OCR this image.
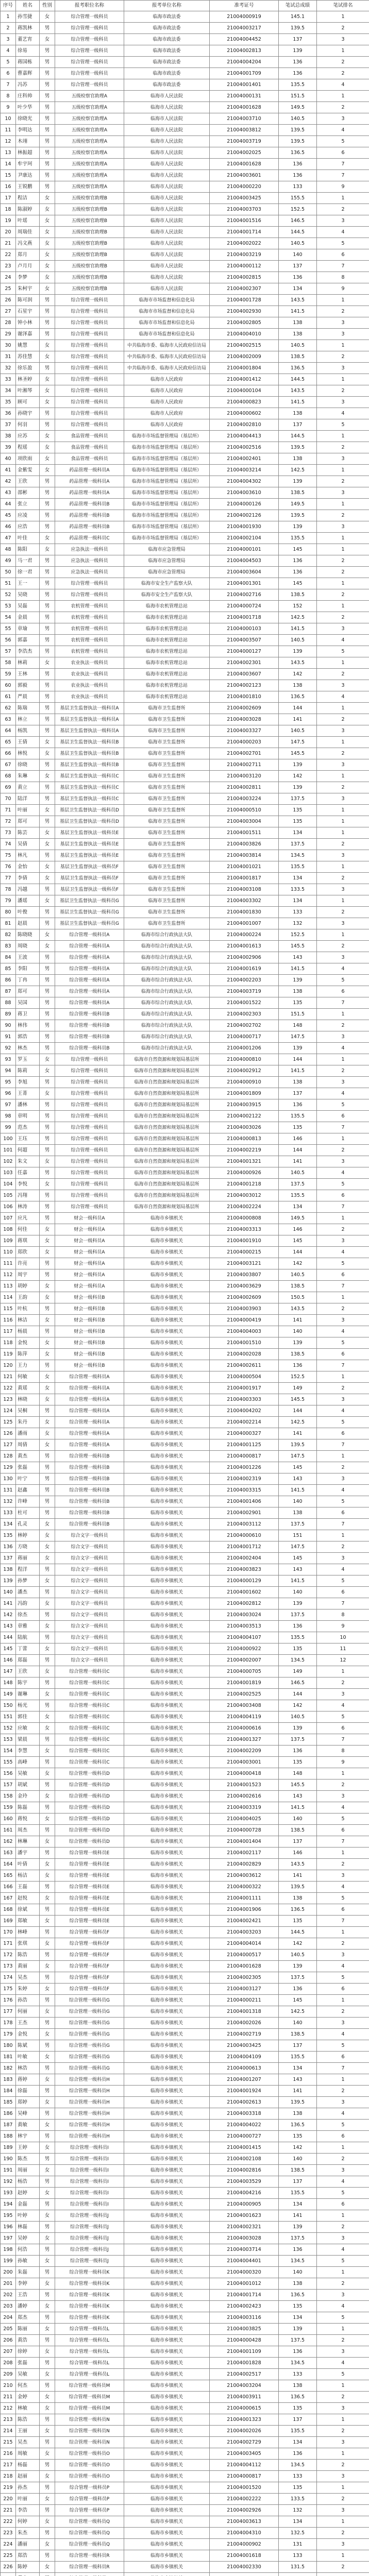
序号	姓名	性别	报考职位名称	报考单位名称	准考证号	笔试总成绩	笔试排名
1	孙雪捷	女	综合管理一级科员	临海市政法委	21004000919	145.1	1
2	蒋凯林	男	综合管理一级科员	临海市政法委	21004003217	139.5	2
3	董艺宵	女	综合管理一级科员	临海市政法委	21004004452	137	3
4	徐易	男	综合管理一级科员	临海市政法委	21004002813	139	1
5	蒋国栋	男	综合管理一级科员	临海市政法委	21004004204	136	2
6	曹嘉辉	男	综合管理一级科员	临海市政法委	21004001709	136	2
7	冯苏	男	综合管理一级科员	临海市政法委	21004001401	135.5	4
8	庄科帅	男	五级检察官助理A	临海市人民法院	21004000131	151.5	1
9	叶少华	男	五级检察官助理A	临海市人民法院	21004001628	149.5	2
10	徐晓光	男	五级检察官助理A	临海市人民法院	21004003710	140.5	3
11	李明达	男	五级检察官助理A	临海市人民法院	21004003812	139.5	4
12	木翊	男	五级检察官助理A	临海市人民法院	21004003719	139.5	5
13	林振超	男	五级检察官助理A	临海市人民法院	21004002025	136.5	6
14	牟宇珂	男	五级检察官助理A	临海市人民法院	21004001628	136	7
15	尹康达	男	五级检察官助理A	临海市人民法院	21004003601	136	7
16	王锐鹏	男	五级检察官助理A	临海市人民法院	21004000220	133	9
17	程洁	女	五级检察官助理B	临海市人民法院	21004003425	155.5	1
18	陈淑婷	女	五级检察官助理B	临海市人民法院	21004003703	152.5	2
19	叶瑶	女	五级检察官助理B	临海市人民法院	21004001516	146.5	3
20	周瑞佳	女	五级检察官助理B	临海市人民法院	21004001714	144.5	4
21	冯文燕	女	五级检察官助理B	临海市人民法院	21004002022	140.5	5
22	郑月	女	五级检察官助理B	临海市人民法院	21004003219	140	6
23	卢月月	女	五级检察官助理B	临海市人民法院	21004000112	137	7
24	李梦	女	五级检察官助理B	临海市人民法院	21004002815	136	8
25	朱柯宇	女	五级检察官助理B	临海市人民法院	21004002307	134	9
26	陈可润	男	综合管理一级科员	临海市市场监督和信息化局	21004001728	143.5	1
27	石星宇	男	综合管理一级科员	临海市市场监督和信息化局	21004002930	141.5	2
28	钟小林	男	综合管理一级科员	临海市市场监督和信息化局	21004002805	138	3
29	谢泽嘉	男	综合管理一级科员	临海市市场监督和信息化局	21004004010	138	3
30	姚慧	女	综合管理一级科员	中共临海市委、临海市人民政府信访局	21004002515	140.5	1
31	苏佳慧	女	综合管理一级科员	中共临海市委、临海市人民政府信访局	21004002009	138.5	2
32	徐乐盈	男	综合管理一级科员	中共临海市委、临海市人民政府信访局	21004001804	136.5	3
33	林圣婷	女	综合管理一级科员	临海市人民政府	21004001412	144.5	1
34	叶湘琴	女	综合管理一级科员	临海市人民政府	21004000104	143.5	2
35	顾可	女	综合管理一级科员	临海市人民政府	21004000823	141.5	3
36	孙晓宇	男	综合管理一级科员	临海市人民政府	21004000602	138	4
37	何羽	男	综合管理一级科员	临海市人民政府	21004002810	137	5
38	应苏	女	食品管理一级科员	临海市市场监督管理局（基层所）	21004004413	144.5	1
39	程瑶	女	食品管理一级科员	临海市市场监督管理局（基层所）	21004002516	139.5	2
40	项欣雨	女	食品管理一级科员	临海市市场监督管理局（基层所）	21004002401	138	3
41	金紫雯	女	药品管理一级科员A	临海市市场监督管理局（基层所）	21004003214	142.5	1
42	王欣	男	药品管理一级科员A	临海市市场监督管理局（基层所）	21004004302	139	2
43	邵彬	男	药品管理一级科员A	临海市市场监督管理局（基层所）	21004003610	138.5	3
44	张立	男	药品管理一级科员B	临海市市场监督管理局（基层所）	21004000126	149.5	1
45	应凌	男	药品管理一级科员B	临海市市场监督管理局（基层所）	21004002126	139.5	2
46	应浩	男	药品管理一级科员B	临海市市场监督管理局（基层所）	21004001930	139	3
47	叶佳	女	药品管理一级科员C	临海市市场监督管理局（基层所）	21004002104	135.5	1
48	陈阳	女	应急执法一级科员	临海市应急管理局	21004000101	145	1
49	马一君	男	应急执法一级科员	临海市应急管理局	21004004503	136	2
50	徐一君	男	应急执法一级科员	临海市应急管理局	21004003604	136	2
51	王一	男	综合管理一级科员	临海市安全生产监察大队	21004001301	145	1
52	吴晓	男	综合管理一级科员	临海市安全生产监察大队	21004002716	138.5	2
53	吴磊	男	农机管理一级科员	临海市农机管理总站	21004000724	152	1
54	金晨	男	农机管理一级科员	临海市农机管理总站	21004001718	142.5	2
55	章瑜	男	农机管理一级科员	临海市农机管理总站	21004000103	141.5	3
56	郭嘉	男	农机管理一级科员	临海市农机管理总站	21004003507	140.5	4
57	李浩杰	男	农机管理一级科员	临海市农机管理总站	21004000127	139	5
58	林莉	女	农业执法一级科员	临海市农机管理总站	21004002301	143.5	1
59	王林	男	农业执法一级科员	临海市农机管理总站	21004003607	142	2
60	郭毅	男	农业执法一级科员	临海市农机管理总站	21004002123	138	3
61	严晨	男	农业执法一级科员	临海市农机管理总站	21004001810	136.5	4
62	陈瑞	男	基层卫生监督执法一级科员A	临海市卫生监督所	21004002609	144	1
63	林立	男	基层卫生监督执法一级科员A	临海市卫生监督所	21004003028	141	2
64	杨凯	男	基层卫生监督执法一级科员A	临海市卫生监督所	21004003327	140.5	3
65	王倩	女	基层卫生监督执法一级科员B	临海市卫生监督所	21004000203	147.5	1
66	林悦	女	基层卫生监督执法一级科员B	临海市卫生监督所	21004002701	145.5	2
67	徐晓	男	基层卫生监督执法一级科员B	临海市卫生监督所	21004002711	139	3
68	朱琳	女	基层卫生监督执法一级科员C	临海市卫生监督所	21004003120	142	1
69	黄立	男	基层卫生监督执法一级科员C	临海市卫生监督所	21004002811	139	2
70	陆洋	男	基层卫生监督执法一级科员C	临海市卫生监督所	21004003224	137.5	3
71	叶丽	女	基层卫生监督执法一级科员D	临海市卫生监督所	21004000510	135	1
72	郑可	男	基层卫生监督执法一级科员D	临海市卫生监督所	21004003004	135	1
73	陈芸	女	基层卫生监督执法一级科员E	临海市卫生监督所	21004001511	134	1
74	吴倩	女	基层卫生监督执法一级科员E	临海市卫生监督所	21004003826	137.5	2
75	林凡	男	基层卫生监督执法一级科员E	临海市卫生监督所	21004003814	134.5	3
76	金怡	女	基层卫生监督执法一级科员F	临海市卫生监督所	21004001021	135.5	1
77	李倩	女	基层卫生监督执法一级科员F	临海市卫生监督所	21004001817	134	2
78	冯越	男	基层卫生监督执法一级科员F	临海市卫生监督所	21004003108	133.5	3
79	潘瑶	女	基层卫生监督执法一级科员G	临海市卫生监督所	21004003302	134	1
80	叶俊	男	基层卫生监督执法一级科员G	临海市卫生监督所	21004001830	133	2
81	赵晨	男	基层卫生监督执法一级科员G	临海市卫生监督所	21004001007	132	3
82	陈晓晓	女	综合管理一级科员A	临海市综合行政执法大队	21004000224	152.5	1
83	周晓	女	综合管理一级科员A	临海市综合行政执法大队	21004001613	145.5	2
84	王波	男	综合管理一级科员A	临海市综合行政执法大队	21004002906	143	3
85	李阳	男	综合管理一级科员A	临海市综合行政执法大队	21004001619	141.5	4
86	丁冉	男	综合管理一级科员A	临海市综合行政执法大队	21004002203	139	5
87	郑可	男	综合管理一级科员A	临海市综合行政执法大队	21004003719	138	6
88	吴国	男	综合管理一级科员A	临海市综合行政执法大队	21004001522	135	7
89	蒋卫	男	综合管理一级科员B	临海市综合行政执法大队	21004002303	151.5	1
90	林伟	男	综合管理一级科员B	临海市综合行政执法大队	21004002702	148	2
91	郭浩	男	综合管理一级科员B	临海市综合行政执法大队	21004000717	147.5	3
92	林杰	男	综合管理一级科员B	临海市综合行政执法大队	21004001206	139	4
93	罗玉	女	综合管理一级科员	临海市自然资源和规划局基层所	21004000810	144	1
94	陈莉	女	综合管理一级科员	临海市自然资源和规划局基层所	21004002912	141.5	2
95	李旭	男	综合管理一级科员	临海市自然资源和规划局基层所	21004000910	138	3
96	王菁	女	综合管理一级科员	临海市自然资源和规划局基层所	21004001809	137	4
97	潘林	男	综合管理一级科员	临海市自然资源和规划局基层所	21004003915	136	5
98	章明	男	综合管理一级科员	临海市自然资源和规划局基层所	21004002122	135.5	6
99	范杰	男	综合管理一级科员	临海市自然资源和规划局基层所	21004003026	135	7
100	王珏	男	综合管理一级科员	临海市自然资源和规划局基层所	21004000813	146	1
101	何超	男	综合管理一级科员	临海市自然资源和规划局基层所	21004002219	144	2
102	朱文	女	综合管理一级科员	临海市自然资源和规划局基层所	21004001321	141	3
103	任嘉	男	综合管理一级科员	临海市自然资源和规划局基层所	21004000926	140.5	4
104	李悦	女	综合管理一级科员	临海市自然资源和规划局基层所	21004001218	137.5	5
105	冯翔	男	综合管理一级科员	临海市自然资源和规划局基层所	21004003012	135.5	6
106	林涛	男	综合管理一级科员	临海市自然资源和规划局基层所	21004002224	134	7
107	应凡	男	财会一级科员A	临海市乡镇机关	21004000808	149.5	1
108	何佳	女	财会一级科员A	临海市乡镇机关	21004003313	146	2
109	蒋琪	女	财会一级科员A	临海市乡镇机关	21004001910	145	3
110	郑欣	女	财会一级科员A	临海市乡镇机关	21004000215	144	4
111	许亮	男	财会一级科员A	临海市乡镇机关	21004003121	142	5
112	周宇	男	财会一级科员A	临海市乡镇机关	21004003807	140.5	6
113	胡婷	女	财会一级科员A	临海市乡镇机关	21004003629	138.5	7
114	王韵	女	财会一级科员B	临海市乡镇机关	21004002609	150.5	1
115	叶杭	男	财会一级科员B	临海市乡镇机关	21004003903	143.5	2
116	林洁	女	财会一级科员B	临海市乡镇机关	21004000419	141	3
117	杨晨	男	财会一级科员B	临海市乡镇机关	21004004003	140	4
118	金悦	女	财会一级科员B	临海市乡镇机关	21004001510	139	5
119	陈萍	女	财会一级科员B	临海市乡镇机关	21004002028	138.5	6
120	王力	男	财会一级科员B	临海市乡镇机关	21004002611	136	7
121	何敏	女	综合管理一级科员A	临海市乡镇机关	21004000504	152.5	1
122	黄瑶	女	综合管理一级科员A	临海市乡镇机关	21004001917	149	2
123	林晓	女	综合管理一级科员A	临海市乡镇机关	21004003303	145.5	3
124	吴桐	男	综合管理一级科员A	临海市乡镇机关	21004004202	144	4
125	朱丹	女	综合管理一级科员A	临海市乡镇机关	21004002214	142.5	5
126	潘雨	女	综合管理一级科员A	临海市乡镇机关	21004000327	141	6
127	周倩	女	综合管理一级科员A	临海市乡镇机关	21004001125	139.5	7
128	黄杰	男	综合管理一级科员B	临海市乡镇机关	21004000817	147.5	1
129	张磊	男	综合管理一级科员B	临海市乡镇机关	21004001226	145	2
130	叶宁	男	综合管理一级科员B	临海市乡镇机关	21004002319	143	3
131	赵鑫	男	综合管理一级科员B	临海市乡镇机关	21004003315	141.5	4
132	许峰	男	综合管理一级科员B	临海市乡镇机关	21004001406	140	5
133	杜可	男	综合管理一级科员B	临海市乡镇机关	21004002901	138	6
134	孔灵	女	综合管理一级科员B	临海市乡镇机关	21004003112	137.5	7
135	林婷	女	综合文字一级科员	临海市乡镇机关	21004000610	151	1
136	方晓	女	综合文字一级科员	临海市乡镇机关	21004001712	147.5	2
137	蒋丽	女	综合文字一级科员	临海市乡镇机关	21004002404	145	3
138	程洋	男	综合文字一级科员	临海市乡镇机关	21004003823	143	4
139	孙梦	女	综合文字一级科员	临海市乡镇机关	21004000129	141.5	5
140	潘杰	男	综合文字一级科员	临海市乡镇机关	21004001602	140	6
141	冯韵	女	综合文字一级科员	临海市乡镇机关	21004002812	139	7
142	徐杰	男	综合文字一级科员	临海市乡镇机关	21004003024	137.5	8
143	章雅	女	综合文字一级科员	临海市乡镇机关	21004003513	136	9
144	陆航	男	综合文字一级科员	临海市乡镇机关	21004004107	135.5	10
145	丁蕾	女	综合文字一级科员	临海市乡镇机关	21004000922	135	11
146	郑磊	男	综合文字一级科员	临海市乡镇机关	21004002007	134.5	12
147	王欣	女	综合管理一级科员C	临海市乡镇机关	21004000705	149	1
148	陈宇	男	综合管理一级科员C	临海市乡镇机关	21004001819	146.5	2
149	谢琳	女	综合管理一级科员C	临海市乡镇机关	21004002525	144	3
150	杨光	男	综合管理一级科员C	临海市乡镇机关	21004003408	142	4
151	郭佳	女	综合管理一级科员C	临海市乡镇机关	21004004119	140.5	5
152	应敏	女	综合管理一级科员C	临海市乡镇机关	21004000616	139	6
153	梁晨	男	综合管理一级科员C	临海市乡镇机关	21004001327	137.5	7
154	李慧	女	综合管理一级科员C	临海市乡镇机关	21004002209	136	8
155	高峰	男	综合管理一级科员C	临海市乡镇机关	21004003001	135	9
156	吴敏	女	综合管理一级科员D	临海市乡镇机关	21004000418	148	1
157	胡斌	男	综合管理一级科员D	临海市乡镇机关	21004001523	145.5	2
158	金玲	女	综合管理一级科员D	临海市乡镇机关	21004002616	143	3
159	陈磊	男	综合管理一级科员D	临海市乡镇机关	21004003319	141.5	4
160	蒋悦	女	综合管理一级科员D	临海市乡镇机关	21004004025	140	5
161	周杰	男	综合管理一级科员D	临海市乡镇机关	21004000728	138.5	6
162	林琳	女	综合管理一级科员D	临海市乡镇机关	21004001404	137	7
163	潘宇	男	综合管理一级科员E	临海市乡镇机关	21004002117	146	1
164	叶倩	女	综合管理一级科员E	临海市乡镇机关	21004002829	143.5	2
165	杨洁	女	综合管理一级科员E	临海市乡镇机关	21004003612	141	3
166	王磊	男	综合管理一级科员E	临海市乡镇机关	21004000322	139.5	4
167	赵悦	女	综合管理一级科员E	临海市乡镇机关	21004001111	138	5
168	徐斌	男	综合管理一级科员E	临海市乡镇机关	21004001906	136.5	6
169	郑敏	女	综合管理一级科员E	临海市乡镇机关	21004002421	135	7
170	林峰	男	综合管理一级科员F	临海市乡镇机关	21004003203	144.5	1
171	张琪	女	综合管理一级科员F	临海市乡镇机关	21004004014	142	2
172	陈浩	男	综合管理一级科员F	临海市乡镇机关	21004000517	140.5	3
173	黄丽	女	综合管理一级科员F	临海市乡镇机关	21004001628	139	4
174	吴杰	男	综合管理一级科员F	临海市乡镇机关	21004002305	137.5	5
175	朱婷	女	综合管理一级科员F	临海市乡镇机关	21004003127	136	6
176	孙浩	男	综合管理一级科员G	临海市乡镇机关	21004000211	145	1
177	何丽	女	综合管理一级科员G	临海市乡镇机关	21004001318	142.5	2
178	王杰	男	综合管理一级科员G	临海市乡镇机关	21004002026	140	3
179	金悦	女	综合管理一级科员G	临海市乡镇机关	21004002719	138.5	4
180	陈斌	男	综合管理一级科员G	临海市乡镇机关	21004003425	137	5
181	叶敏	女	综合管理一级科员G	临海市乡镇机关	21004004109	135.5	6
182	林浩	男	综合管理一级科员G	临海市乡镇机关	21004000613	134	7
183	蒋婷	女	综合管理一级科员H	临海市乡镇机关	21004001207	143	1
184	徐磊	男	综合管理一级科员H	临海市乡镇机关	21004001924	141	2
185	郑婷	女	综合管理一级科员H	临海市乡镇机关	21004002613	139.5	3
186	吴峰	男	综合管理一级科员H	临海市乡镇机关	21004003318	138	4
187	黄敏	女	综合管理一级科员H	临海市乡镇机关	21004004022	136.5	5
188	林宇	男	综合管理一级科员H	临海市乡镇机关	21004000727	135	6
189	王婷	女	综合管理一级科员I	临海市乡镇机关	21004001415	142	1
190	陈杰	男	综合管理一级科员I	临海市乡镇机关	21004002108	140	2
191	周丽	女	综合管理一级科员I	临海市乡镇机关	21004002816	138.5	3
192	杨浩	男	综合管理一级科员I	临海市乡镇机关	21004003529	137	4
193	赵婷	女	综合管理一级科员I	临海市乡镇机关	21004004216	135.5	5
194	金磊	男	综合管理一级科员I	临海市乡镇机关	21004000905	134	6
195	叶婷	女	综合管理一级科员J	临海市乡镇机关	21004001623	141	1
196	林磊	男	综合管理一级科员J	临海市乡镇机关	21004002321	139	2
197	吴婷	女	综合管理一级科员J	临海市乡镇机关	21004003028	137.5	3
198	何浩	男	综合管理一级科员J	临海市乡镇机关	21004003714	136	4
199	孙敏	女	综合管理一级科员J	临海市乡镇机关	21004004401	134.5	5
200	朱磊	男	综合管理一级科员K	临海市乡镇机关	21004000320	140	1
201	李婷	女	综合管理一级科员K	临海市乡镇机关	21004001012	138	2
202	王浩	男	综合管理一级科员K	临海市乡镇机关	21004001714	136.5	3
203	潘婷	女	综合管理一级科员K	临海市乡镇机关	21004002423	135	4
204	郑杰	男	综合管理一级科员K	临海市乡镇机关	21004003116	134	5
205	陈丽	女	综合管理一级科员L	临海市乡镇机关	21004003825	139	1
206	黄浩	男	综合管理一级科员L	临海市乡镇机关	21004000428	137.5	2
207	徐婷	女	综合管理一级科员L	临海市乡镇机关	21004001109	136	3
208	张磊	男	综合管理一级科员L	临海市乡镇机关	21004001828	134.5	4
209	吴敏	女	综合管理一级科员L	临海市乡镇机关	21004002517	133	5
210	何杰	男	综合管理一级科员M	临海市乡镇机关	21004003204	138	1
211	金婷	女	综合管理一级科员M	临海市乡镇机关	21004003911	136.5	2
212	林敏	女	综合管理一级科员M	临海市乡镇机关	21004000615	135	3
213	陈浩	男	综合管理一级科员N	临海市乡镇机关	21004001323	137	1
214	王丽	女	综合管理一级科员N	临海市乡镇机关	21004002026	135.5	2
215	吴杰	男	综合管理一级科员N	临海市乡镇机关	21004002729	134	3
216	周敏	女	综合管理一级科员O	临海市乡镇机关	21004003405	136	1
217	杨磊	男	综合管理一级科员O	临海市乡镇机关	21004004112	134.5	2
218	赵丽	女	综合管理一级科员O	临海市乡镇机关	21004000817	133	3
219	孙杰	男	综合管理一级科员P	临海市乡镇机关	21004001520	135	1
220	叶丽	女	综合管理一级科员P	临海市乡镇机关	21004002222	133.5	2
221	李浩	男	综合管理一级科员P	临海市乡镇机关	21004002926	132	3
222	何婷	女	综合管理一级科员Q	临海市乡镇机关	21004003613	134	1
223	朱杰	男	综合管理一级科员Q	临海市乡镇机关	21004004310	132.5	2
224	潘丽	女	综合管理一级科员Q	临海市乡镇机关	21004000902	131	3
225	郑浩	男	综合管理一级科员R	临海市乡镇机关	21004001618	133	1
226	陈婷	女	综合管理一级科员R	临海市乡镇机关	21004002330	131.5	2
